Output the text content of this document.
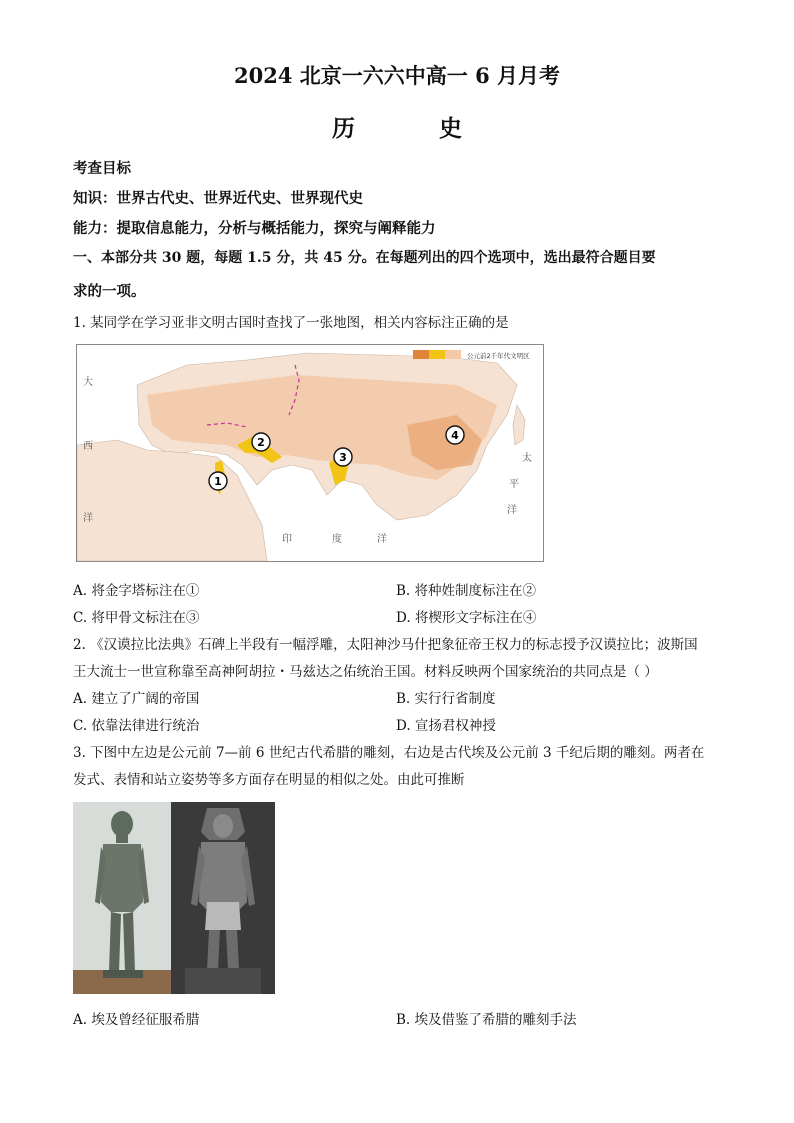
2024 北京一六六中高一 6 月月考
历 史
考查目标
知识：世界古代史、世界近代史、世界现代史
能力：提取信息能力，分析与概括能力，探究与阐释能力
一、本部分共 30 题，每题 1.5 分，共 45 分。在每题列出的四个选项中，选出最符合题目要
求的一项。
1. 某同学在学习亚非文明古国时查找了一张地图，相关内容标注正确的是
公元前2千年代文明区
大
西
洋
印	度	洋
太
平
洋
1
2
3
4
A. 将金字塔标注在①	B. 将种姓制度标注在②
C. 将甲骨文标注在③	D. 将楔形文字标注在④
2. 《汉谟拉比法典》石碑上半段有一幅浮雕，太阳神沙马什把象征帝王权力的标志授予汉谟拉比；波斯国
王大流士一世宣称靠至高神阿胡拉・马兹达之佑统治王国。材料反映两个国家统治的共同点是（ ）
A. 建立了广阔的帝国	B. 实行行省制度
C. 依靠法律进行统治	D. 宣扬君权神授
3. 下图中左边是公元前 7—前 6 世纪古代希腊的雕刻，右边是古代埃及公元前 3 千纪后期的雕刻。两者在
发式、表情和站立姿势等多方面存在明显的相似之处。由此可推断
A. 埃及曾经征服希腊	B. 埃及借鉴了希腊的雕刻手法
